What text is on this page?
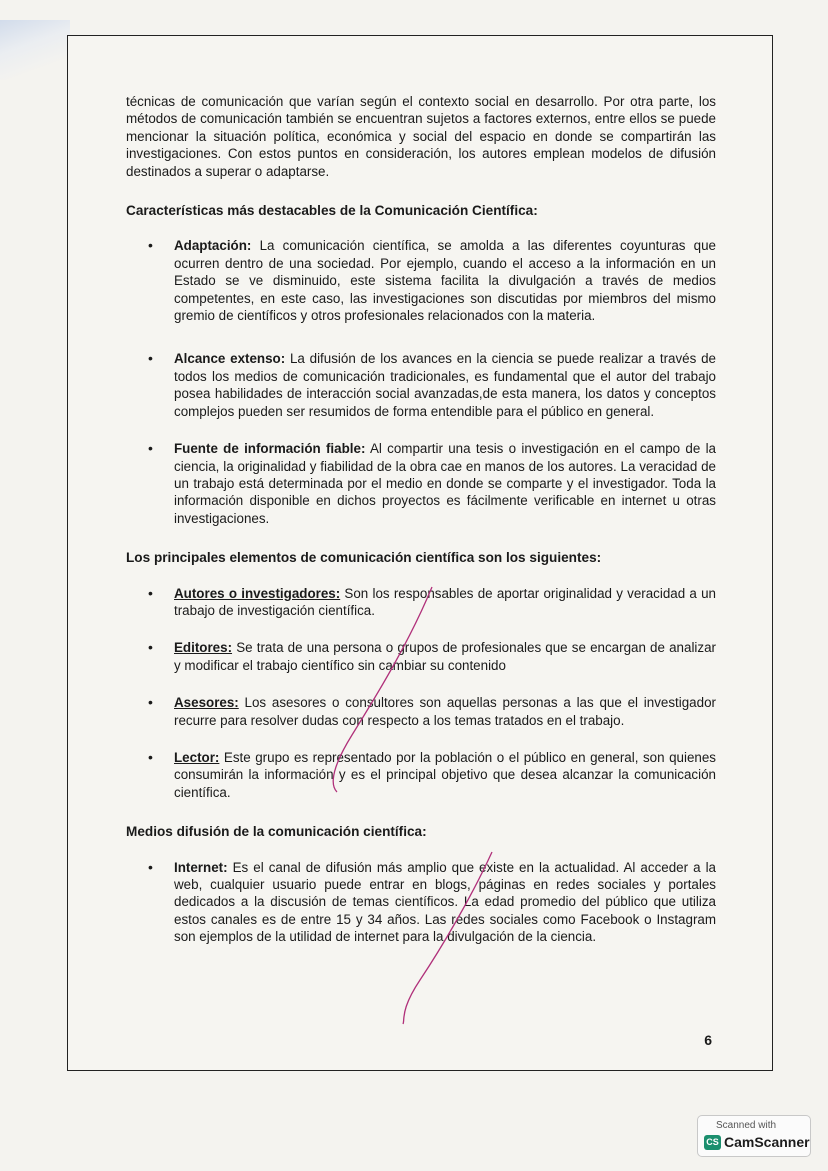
técnicas de comunicación que varían según el contexto social en desarrollo. Por otra parte, los métodos de comunicación también se encuentran sujetos a factores externos, entre ellos se puede mencionar la situación política, económica y social del espacio en donde se compartirán las investigaciones. Con estos puntos en consideración, los autores emplean modelos de difusión destinados a superar o adaptarse.

Características más destacables de la Comunicación Científica:
• Adaptación: La comunicación científica, se amolda a las diferentes coyunturas que ocurren dentro de una sociedad. Por ejemplo, cuando el acceso a la información en un Estado se ve disminuido, este sistema facilita la divulgación a través de medios competentes, en este caso, las investigaciones son discutidas por miembros del mismo gremio de científicos y otros profesionales relacionados con la materia.
• Alcance extenso: La difusión de los avances en la ciencia se puede realizar a través de todos los medios de comunicación tradicionales, es fundamental que el autor del trabajo posea habilidades de interacción social avanzadas,de esta manera, los datos y conceptos complejos pueden ser resumidos de forma entendible para el público en general.
• Fuente de información fiable: Al compartir una tesis o investigación en el campo de la ciencia, la originalidad y fiabilidad de la obra cae en manos de los autores. La veracidad de un trabajo está determinada por el medio en donde se comparte y el investigador. Toda la información disponible en dichos proyectos es fácilmente verificable en internet u otras investigaciones.
Los principales elementos de comunicación científica son los siguientes:
• Autores o investigadores: Son los responsables de aportar originalidad y veracidad a un trabajo de investigación científica.
• Editores: Se trata de una persona o grupos de profesionales que se encargan de analizar y modificar el trabajo científico sin cambiar su contenido
• Asesores: Los asesores o consultores son aquellas personas a las que el investigador recurre para resolver dudas con respecto a los temas tratados en el trabajo.
• Lector: Este grupo es representado por la población o el público en general, son quienes consumirán la información y es el principal objetivo que desea alcanzar la comunicación científica.
Medios difusión de la comunicación científica:
• Internet: Es el canal de difusión más amplio que existe en la actualidad. Al acceder a la web, cualquier usuario puede entrar en blogs, páginas en redes sociales y portales dedicados a la discusión de temas científicos. La edad promedio del público que utiliza estos canales es de entre 15 y 34 años. Las redes sociales como Facebook o Instagram son ejemplos de la utilidad de internet para la divulgación de la ciencia.
6
Scanned with
CS CamScanner
